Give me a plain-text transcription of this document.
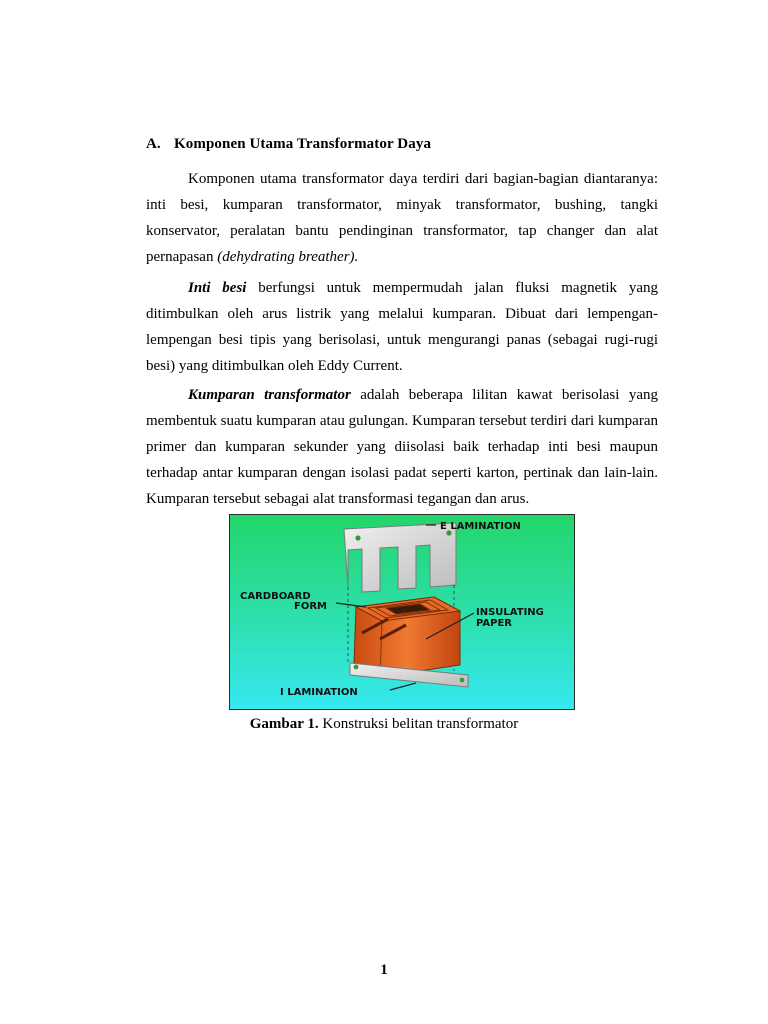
A. Komponen Utama Transformator Daya

Komponen utama transformator daya terdiri dari bagian-bagian diantaranya: inti besi, kumparan transformator, minyak transformator, bushing, tangki konservator, peralatan bantu pendinginan transformator, tap changer dan alat pernapasan (dehydrating breather).

Inti besi berfungsi untuk mempermudah jalan fluksi magnetik yang ditimbulkan oleh arus listrik yang melalui kumparan. Dibuat dari lempengan-lempengan besi tipis yang berisolasi, untuk mengurangi panas (sebagai rugi-rugi besi) yang ditimbulkan oleh Eddy Current.

Kumparan transformator adalah beberapa lilitan kawat berisolasi yang membentuk suatu kumparan atau gulungan. Kumparan tersebut terdiri dari kumparan primer dan kumparan sekunder yang diisolasi baik terhadap inti besi maupun terhadap antar kumparan dengan isolasi padat seperti karton, pertinak dan lain-lain. Kumparan tersebut sebagai alat transformasi tegangan dan arus.

E LAMINATION
CARDBOARD
FORM
INSULATING
PAPER
I LAMINATION
Gambar 1. Konstruksi belitan transformator
1
